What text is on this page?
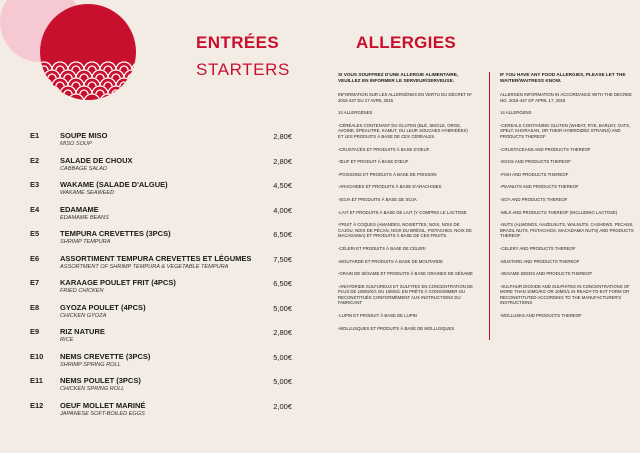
ENTRÉES
STARTERS
ALLERGIES
E1	SOUPE MISO
MISO SOUP
2,80€
E2	SALADE DE CHOUX
CABBAGE SALAD
2,80€
E3	WAKAME (SALADE D'ALGUE)
WAKAME SEAWEED
4,50€
E4	EDAMAME
EDAMAME BEANS
4,00€
E5	TEMPURA CREVETTES (3PCS)
SHRIMP TEMPURA
6,50€
E6	ASSORTIMENT TEMPURA CREVETTES ET LÉGUMES
ASSORTMENT OF SHRIMP TEMPURA & VEGETABLE TEMPURA
7,50€
E7	KARAAGE POULET FRIT (4PCS)
FRIED CHICKEN
6,50€
E8	GYOZA POULET (4PCS)
CHICKEN GYOZA
5,00€
E9	RIZ NATURE
RICE
2,80€
E10 NEMS CREVETTE (3PCS)
SHRIMP SPRING ROLL
5,00€
E11 NEMS POULET (3PCS)
CHICKEN SPRING ROLL
5,00€
E12 OEUF MOLLET MARINÉ
JAPANESE SOFT-BOILED EGGS
2,00€
SI VOUS SOUFFREZ D'UNE ALLERGIE ALIMENTAIRE, VEUILLEZ EN INFORMER LE SERVEUR/SERVEUSE.
INFORMATION SUR LES ALLERGÈNES EN VERTU DU DÉCRET Nº 2015-447 DU 17 AVRIL 2015
14 ALLERGÈNES
-CÉRÉALES CONTENANT DU GLUTEN (BLÉ, SEIGLE, ORGE, AVOINE, ÉPEAUTRE, KAMUT, OU LEUR SOUCHES HYBRIDÉES) ET LES PRODUITS À BASE DE CES CÉRÉALES.
-CRUSTACÉS ET PRODUITS À BASE D'OEUF.
-ŒUF ET PRODUIT À BASE D'ŒUF
-POISSONS ET PRODUITS À BASE DE POISSON
-ARACHIDES ET PRODUITS À BASE D'ARACHIDES
-SOJA ET PRODUITS À BASE DE SOJA
-LAIT ET PRODUITS À BASE DE LAIT (Y COMPRIS LE LACTOSE
-FRUIT À COQUES (AMANDES, NOISETTES, NOIX, NOIX DE CAJOU, NOIX DE PÉCAN, NOIX DU BRÉSIL, PISTACHES, NOIX DE MACADAMIA) ET PRODUITS À BASE DE CES FRUITS.
-CÉLERI ET PRODUITS À BASE DE CÉLERI
-MOUTARDE ET PRODUITS À BASE DE MOUTARDE
-GRAIN DE SÉSAME ET PRODUITS À BASE GRAINES DE SÉSAME
-ANHYDRIDE SULFUREUX ET SULFITES EN CONCENTRATION DE PLUS DE 10MG/KG OU 10MG/L EN PRÊTS À CONSOMMER OU RECONSTITUÉS CONFORMÉMENT AUX INSTRUCTIONS DU FABRICANT
-LUPIN ET PRODUIT À BASE DE LUPIN
-MOLLUSQUES ET PRODUITS À BASE DE MOLLUSQUES
IF YOU HAVE ANY FOOD ALLERGIES, PLEASE LET THE WAITER/WAITRESS KNOW.
ALLERGEN INFORMATION IN ACCORDANCE WITH THE DECREE NO. 2015-447 OF APRIL 17, 2015
14 ALLERGENS
-CEREALS CONTAINING GLUTEN (WHEAT, RYE, BARLEY, OATS, SPELT, KHORASAN, OR THEIR HYBRIDIZED STRAINS) AND PRODUCTS THEREOF
-CRUSTACEANS AND PRODUCTS THEREOF
-EGGS AND PRODUCTS THEREOF
-FISH AND PRODUCTS THEREOF
-PEANUTS AND PRODUCTS THEREOF
-SOY AND PRODUCTS THEREOF
-MILK AND PRODUCTS THEREOF (INCLUDING LACTOSE)
-NUTS (ALMONDS, HAZELNUTS, WALNUTS, CASHEWS, PECANS, BRAZIL NUTS, PISTACHIOS, MACADAMIA NUTS) AND PRODUCTS THEREOF
-CELERY AND PRODUCTS THEREOF
-MUSTARD AND PRODUCTS THEREOF
-SESAME SEEDS AND PRODUCTS THEREOF
-SULPHUR DIOXIDE AND SULPHITES IN CONCENTRATIONS OF MORE THAN 10MG/KG OR 10MG/L IN READY-TO-EAT FORM OR RECONSTITUTED ACCORDING TO THE MANUFACTURER'S INSTRUCTIONS
-MOLLUSKS AND PRODUCTS THEREOF
